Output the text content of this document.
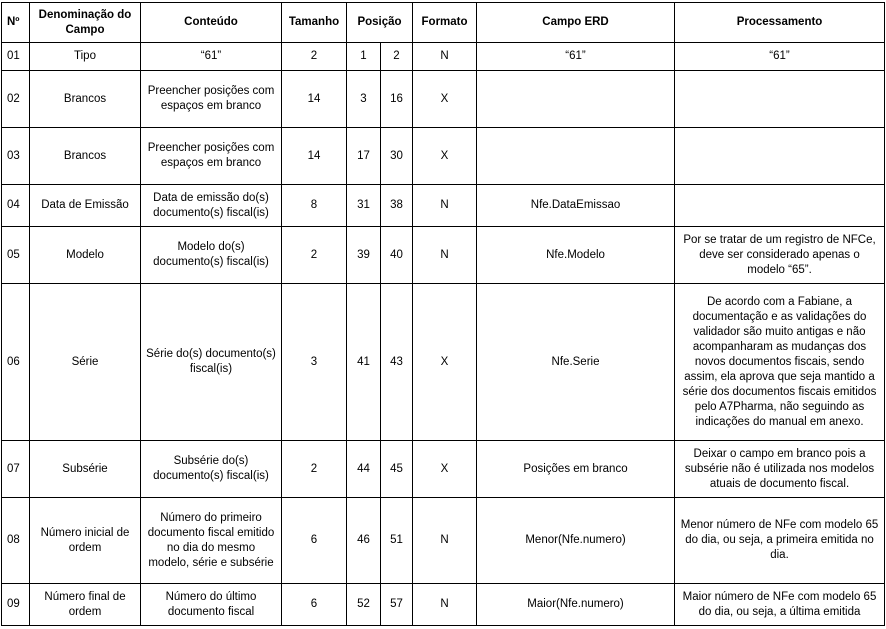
Nº	Denominação do Campo	Conteúdo	Tamanho	Posição		Formato	Campo ERD	Processamento
01	Tipo	“61”	2	1	2	N	“61”	“61”
02	Brancos	Preencher posições com espaços em branco	14	3	16	X		
03	Brancos	Preencher posições com espaços em branco	14	17	30	X		
04	Data de Emissão	Data de emissão do(s) documento(s) fiscal(is)	8	31	38	N	Nfe.DataEmissao	
05	Modelo	Modelo do(s) documento(s) fiscal(is)	2	39	40	N	Nfe.Modelo	Por se tratar de um registro de NFCe, deve ser considerado apenas o modelo “65”.
06	Série	Série do(s) documento(s) fiscal(is)	3	41	43	X	Nfe.Serie	De acordo com a Fabiane, a documentação e as validações do validador são muito antigas e não acompanharam as mudanças dos novos documentos fiscais, sendo assim, ela aprova que seja mantido a série dos documentos fiscais emitidos pelo A7Pharma, não seguindo as indicações do manual em anexo.
07	Subsérie	Subsérie do(s) documento(s) fiscal(is)	2	44	45	X	Posições em branco	Deixar o campo em branco pois a subsérie não é utilizada nos modelos atuais de documento fiscal.
08	Número inicial de ordem	Número do primeiro documento fiscal emitido no dia do mesmo modelo, série e subsérie	6	46	51	N	Menor(Nfe.numero)	Menor número de NFe com modelo 65 do dia, ou seja, a primeira emitida no dia.
09	Número final de ordem	Número do último documento fiscal	6	52	57	N	Maior(Nfe.numero)	Maior número de NFe com modelo 65 do dia, ou seja, a última emitida
